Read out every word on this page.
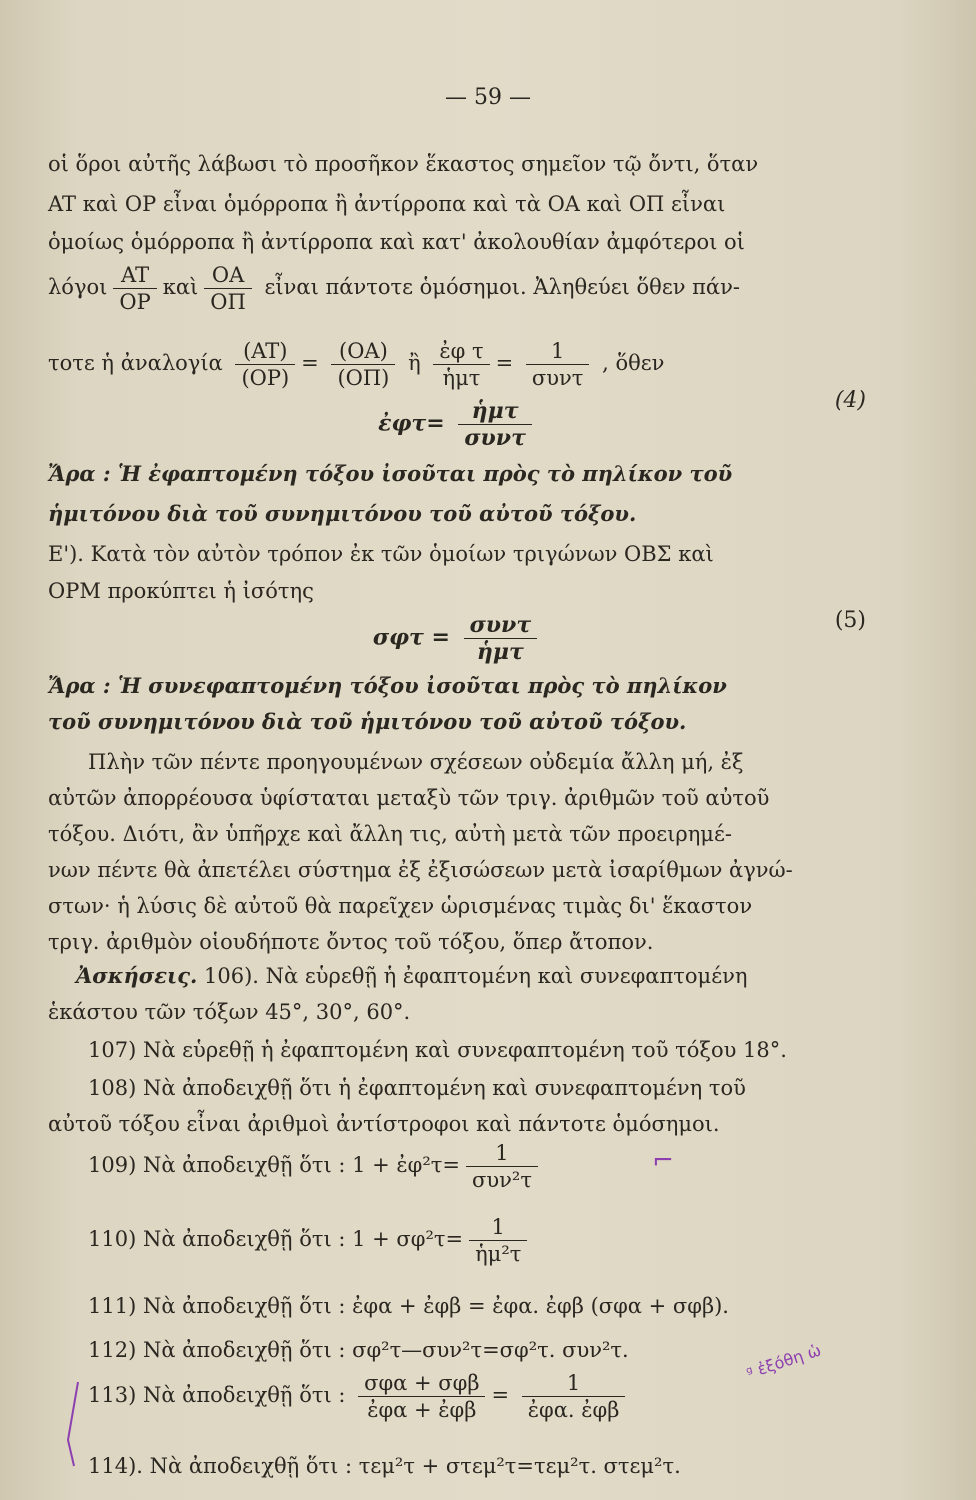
— 59 —
οἱ ὅροι αὐτῆς λάβωσι τὸ προσῆκον ἕκαστος σημεῖον τῷ ὄντι, ὅταν
AT καὶ OP εἶναι ὁμόρροπα ἢ ἀντίρροπα καὶ τὰ OA καὶ OΠ εἶναι
ὁμοίως ὁμόρροπα ἢ ἀντίρροπα καὶ κατ' ἀκολουθίαν ἀμφότεροι οἱ
λόγοι $\frac{AT}{OP}$ καὶ $\frac{OA}{O\Pi}$ εἶναι πάντοτε ὁμόσημοι. Ἀληθεύει ὅθεν πάν-
τοτε ἡ ἀναλογία $\frac{(AT)}{(OP)} = \frac{(OA)}{(O\Pi)}$ ἢ $\frac{\text{ἐφ τ}}{\text{ἡμτ}} = \frac{1}{\text{συντ}}$ , ὅθεν
ἐφτ= $\frac{\text{ἡμτ}}{\text{συντ}}$	(4)
Ἄρα : Ἡ ἐφαπτομένη τόξου ἰσοῦται πρὸς τὸ πηλίκον τοῦ
ἡμιτόνου διὰ τοῦ συνημιτόνου τοῦ αὐτοῦ τόξου.
E'). Κατὰ τὸν αὐτὸν τρόπον ἐκ τῶν ὁμοίων τριγώνων OBΣ καὶ
OPM προκύπτει ἡ ἰσότης
$\sigma\varphi\tau = \frac{\text{συντ}}{\text{ἡμτ}}$	(5)
Ἄρα : Ἡ συνεφαπτομένη τόξου ἰσοῦται πρὸς τὸ πηλίκον
τοῦ συνημιτόνου διὰ τοῦ ἡμιτόνου τοῦ αὐτοῦ τόξου.
Πλὴν τῶν πέντε προηγουμένων σχέσεων οὐδεμία ἄλλη μή, ἐξ
αὐτῶν ἀπορρέουσα ὑφίσταται μεταξὺ τῶν τριγ. ἀριθμῶν τοῦ αὐτοῦ
τόξου. Διότι, ἂν ὑπῆρχε καὶ ἄλλη τις, αὐτὴ μετὰ τῶν προειρημέ-
νων πέντε θὰ ἀπετέλει σύστημα ἐξ ἐξισώσεων μετὰ ἰσαρίθμων ἀγνώ-
στων· ἡ λύσις δὲ αὐτοῦ θὰ παρεῖχεν ὡρισμένας τιμὰς δι' ἕκαστον
τριγ. ἀριθμὸν οἱουδήποτε ὄντος τοῦ τόξου, ὅπερ ἄτοπον.
Ἀσκήσεις. 106). Νὰ εὑρεθῇ ἡ ἐφαπτομένη καὶ συνεφαπτομένη
ἑκάστου τῶν τόξων 45°, 30°, 60°.
107) Νὰ εὑρεθῇ ἡ ἐφαπτομένη καὶ συνεφαπτομένη τοῦ τόξου 18°.
108) Νὰ ἀποδειχθῇ ὅτι ἡ ἐφαπτομένη καὶ συνεφαπτομένη τοῦ
αὐτοῦ τόξου εἶναι ἀριθμοὶ ἀντίστροφοι καὶ πάντοτε ὁμόσημοι.
109) Νὰ ἀποδειχθῇ ὅτι : 1 + ἐφ²τ= $\frac{1}{\text{συν²τ}}$	⌐
110) Νὰ ἀποδειχθῇ ὅτι : $1 + \sigma\varphi^2\tau= \frac{1}{\text{ἡμ²τ}}$
111) Νὰ ἀποδειχθῇ ὅτι : ἐφα + ἐφβ = ἐφα. ἐφβ (σφα + σφβ).
112) Νὰ ἀποδειχθῇ ὅτι : σφ²τ—συν²τ=σφ²τ. συν²τ.
113) Νὰ ἀποδειχθῇ ὅτι : $\frac{\text{σφα + σφβ}}{\text{ἐφα + ἐφβ}} = \frac{1}{\text{ἐφα. ἐφβ}}$
ᵍ ἐξόθη ὡ
114). Νὰ ἀποδειχθῇ ὅτι : τεμ²τ + στεμ²τ=τεμ²τ. στεμ²τ.
